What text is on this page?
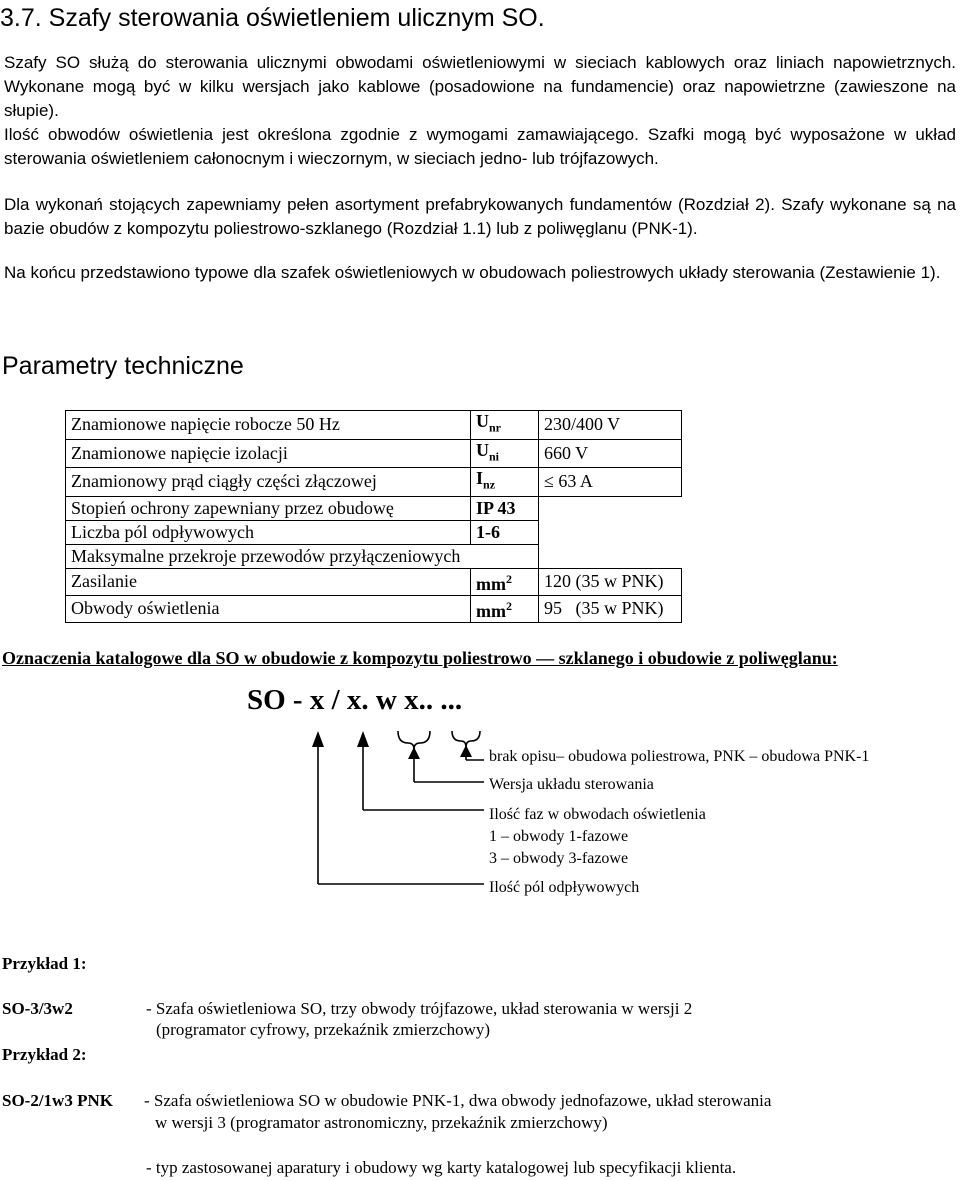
3.7. Szafy sterowania oświetleniem ulicznym SO.

Szafy SO służą do sterowania ulicznymi obwodami oświetleniowymi w sieciach kablowych oraz liniach napowietrznych. Wykonane mogą być w kilku wersjach jako kablowe (posadowione na fundamencie) oraz napowietrzne (zawieszone na słupie).

Ilość obwodów oświetlenia jest określona zgodnie z wymogami zamawiającego. Szafki mogą być wyposażone w układ sterowania oświetleniem całonocnym i wieczornym, w sieciach jedno- lub trójfazowych.

Dla wykonań stojących zapewniamy pełen asortyment prefabrykowanych fundamentów (Rozdział 2). Szafy wykonane są na bazie obudów z kompozytu poliestrowo-szklanego (Rozdział 1.1) lub z poliwęglanu (PNK-1).

Na końcu przedstawiono typowe dla szafek oświetleniowych w obudowach poliestrowych układy sterowania (Zestawienie 1).

Parametry techniczne
Znamionowe napięcie robocze 50 Hz	$U_{nr}$	230/400 V
Znamionowe napięcie izolacji	$U_{ni}$	660 V
Znamionowy prąd ciągły części złączowej	$I_{nz}$	≤ 63 A
Stopień ochrony zapewniany przez obudowę	IP 43	
Liczba pól odpływowych	1-6	
Maksymalne przekroje przewodów przyłączeniowych		
Zasilanie	$mm^2$	120 (35 w PNK)
Obwody oświetlenia	$mm^2$	95   (35 w PNK)
Oznaczenia katalogowe dla SO w obudowie z kompozytu poliestrowo — szklanego i obudowie z poliwęglanu:
SO - x / x. w x.. ...
brak opisu– obudowa poliestrowa, PNK – obudowa PNK-1
Wersja układu sterowania
Ilość faz w obwodach oświetlenia
1 – obwody 1-fazowe
3 – obwody 3-fazowe
Ilość pól odpływowych
Przykład 1:
SO-3/3w2	- Szafa oświetleniowa SO, trzy obwody trójfazowe, układ sterowania w wersji 2
(programator cyfrowy, przekaźnik zmierzchowy)
Przykład 2:
SO-2/1w3 PNK - Szafa oświetleniowa SO w obudowie PNK-1, dwa obwody jednofazowe, układ sterowania
w wersji 3 (programator astronomiczny, przekaźnik zmierzchowy)
- typ zastosowanej aparatury i obudowy wg karty katalogowej lub specyfikacji klienta.
